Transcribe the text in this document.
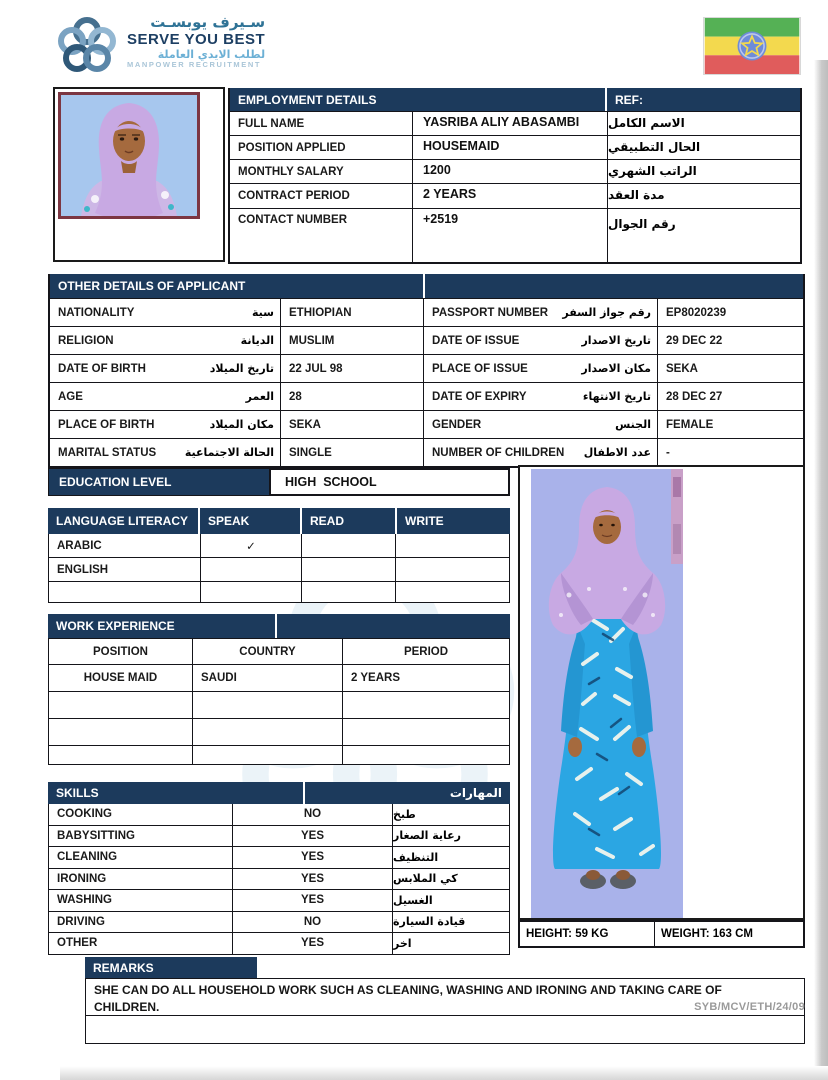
سـيرف يوبسـت
SERVE YOU BEST
لطلب الايدي العاملة
MANPOWER RECRUITMENT
EMPLOYMENT DETAILS	REF:
FULL NAME	YASRIBA ALIY ABASAMBI	الاسم الكامل
POSITION APPLIED	HOUSEMAID	الحال التطبيقي
MONTHLY SALARY	1200	الراتب الشهري
CONTRACT PERIOD	2 YEARS	مدة العقد
CONTACT NUMBER	+2519	رقم الجوال
OTHER DETAILS OF APPLICANT
NATIONALITY	سية	ETHIOPIAN	PASSPORT NUMBER رقم جواز السفر	EP8020239
RELIGION	الديانة	MUSLIM	DATE OF ISSUE	تاريخ الاصدار	29 DEC 22
DATE OF BIRTH	تاريخ الميلاد	22 JUL 98	PLACE OF ISSUE	مكان الاصدار	SEKA
AGE	العمر	28	DATE OF EXPIRY	تاريخ الانتهاء	28 DEC 27
PLACE OF BIRTH	مكان الميلاد	SEKA	GENDER	الجنس	FEMALE
MARITAL STATUS	الحالة الاجتماعية	SINGLE	NUMBER OF CHILDREN عدد الاطفال	-
EDUCATION LEVEL	HIGH  SCHOOL
LANGUAGE LITERACY	SPEAK	READ	WRITE
ARABIC	✓
ENGLISH
WORK EXPERIENCE
POSITION	COUNTRY	PERIOD
HOUSE MAID	SAUDI	2 YEARS
SKILLS	المهارات
COOKING	NO	طبخ
BABYSITTING	YES	رعاية الصغار
CLEANING	YES	التنظيف
IRONING	YES	كي الملابس
WASHING	YES	الغسيل
DRIVING	NO	قيادة السيارة
OTHER	YES	اخر
HEIGHT: 59 KG	WEIGHT: 163 CM
REMARKS
SHE CAN DO ALL HOUSEHOLD WORK SUCH AS CLEANING, WASHING AND IRONING AND TAKING CARE OF CHILDREN.	SYB/MCV/ETH/24/09
